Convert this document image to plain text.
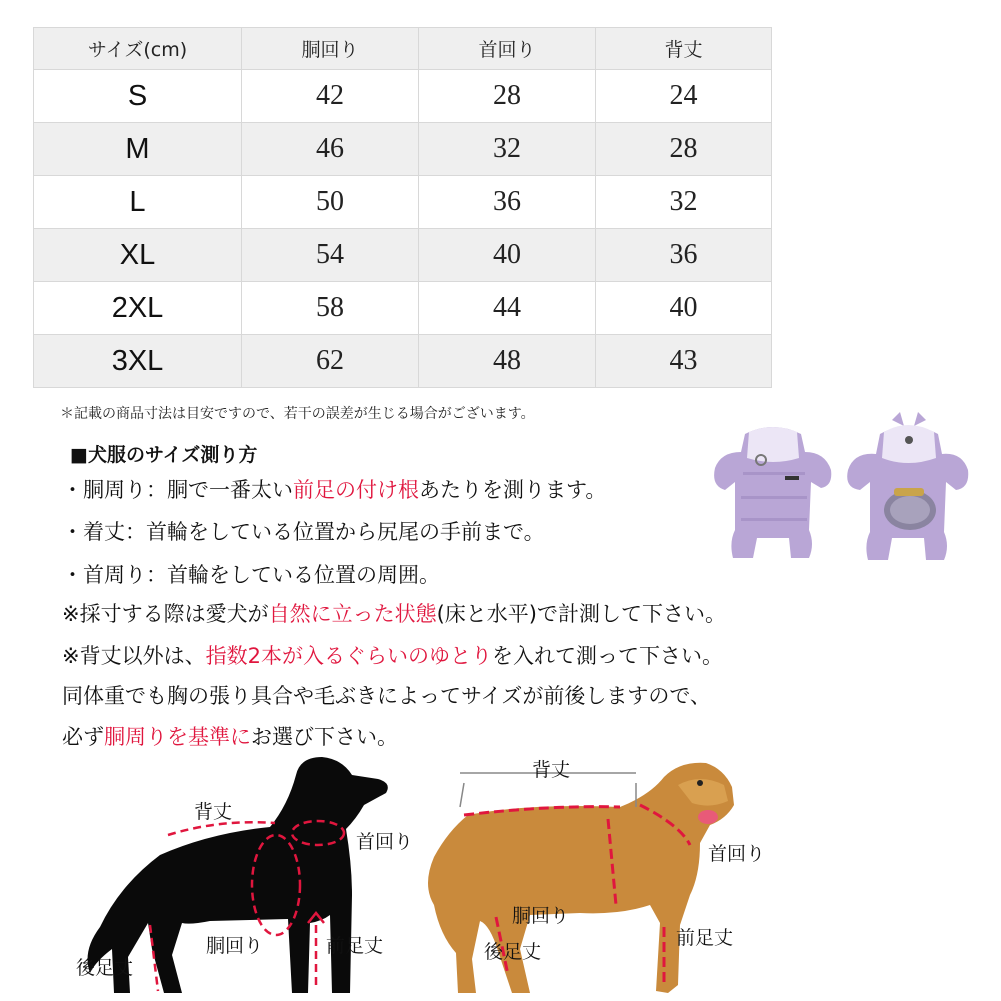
サイズ(cm)	胴回り	首回り	背丈
S	42	28	24
M	46	32	28
L	50	36	32
XL	54	40	36
2XL	58	44	40
3XL	62	48	43
＊記載の商品寸法は目安ですので、若干の誤差が生じる場合がございます。
■犬服のサイズ測り方
・胴周り：胴で一番太い前足の付け根あたりを測ります。
・着丈：首輪をしている位置から尻尾の手前まで。
・首周り：首輪をしている位置の周囲。
※採寸する際は愛犬が自然に立った状態(床と水平)で計測して下さい。
※背丈以外は、指数2本が入るぐらいのゆとりを入れて測って下さい。
同体重でも胸の張り具合や毛ぶきによってサイズが前後しますので、
必ず胴周りを基準にお選び下さい。
背丈
首回り
胴回り	前足丈
後足丈
背丈
首回り
胴回り
前足丈
後足丈
